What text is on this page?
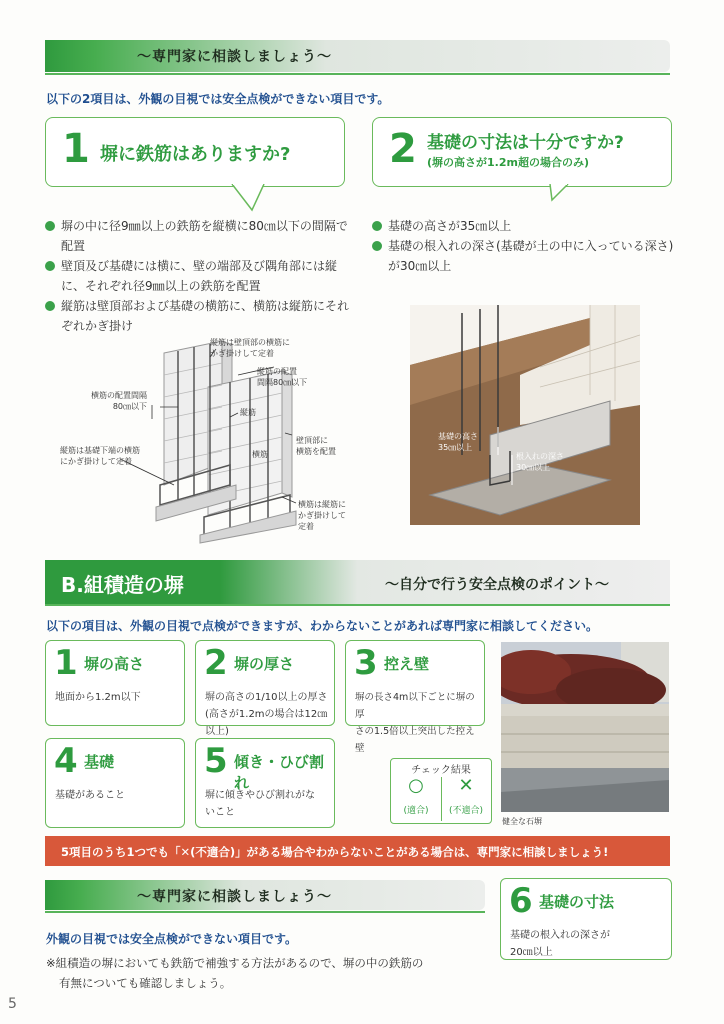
～専門家に相談しましょう～
以下の2項目は、外観の目視では安全点検ができない項目です。
1 塀に鉄筋はありますか? 2 基礎の寸法は十分ですか?
(塀の高さが1.2m超の場合のみ)
塀の中に径9㎜以上の鉄筋を縦横に80㎝以下の間隔で配置
壁頂及び基礎には横に、壁の端部及び隅角部には縦に、それぞれ径9㎜以上の鉄筋を配置
縦筋は壁頂部および基礎の横筋に、横筋は縦筋にそれぞれかぎ掛け
基礎の高さが35㎝以上
基礎の根入れの深さ(基礎が土の中に入っている深さ)が30㎝以上
縦筋は壁頂部の横筋に
かぎ掛けして定着
縦筋の配置
間隔80㎝以下
横筋の配置間隔
80㎝以下
縦筋
横筋
壁頂部に
横筋を配置
縦筋は基礎下端の横筋
にかぎ掛けして定着
横筋は縦筋に
かぎ掛けして
定着
基礎の高さ
35㎝以上
根入れの深さ
30㎝以上
B.組積造の塀	～自分で行う安全点検のポイント～
以下の項目は、外観の目視で点検ができますが、わからないことがあれば専門家に相談してください。
1 塀の高さ
地面から1.2m以下
2 塀の厚さ
塀の高さの1/10以上の厚さ
(高さが1.2mの場合は12㎝以上)
3 控え壁
塀の長さ4m以下ごとに塀の厚
さの1.5倍以上突出した控え壁
4 基礎
基礎があること
5 傾き・ひび割れ
塀に傾きやひび割れがな
いこと
チェック結果
○
(適合)
✕
(不適合)
健全な石塀
5項目のうち1つでも「✕(不適合)」がある場合やわからないことがある場合は、専門家に相談しましょう!
～専門家に相談しましょう～
外観の目視では安全点検ができない項目です。
※組積造の塀においても鉄筋で補強する方法があるので、塀の中の鉄筋の
有無についても確認しましょう。
6 基礎の寸法
基礎の根入れの深さが
20㎝以上
5
